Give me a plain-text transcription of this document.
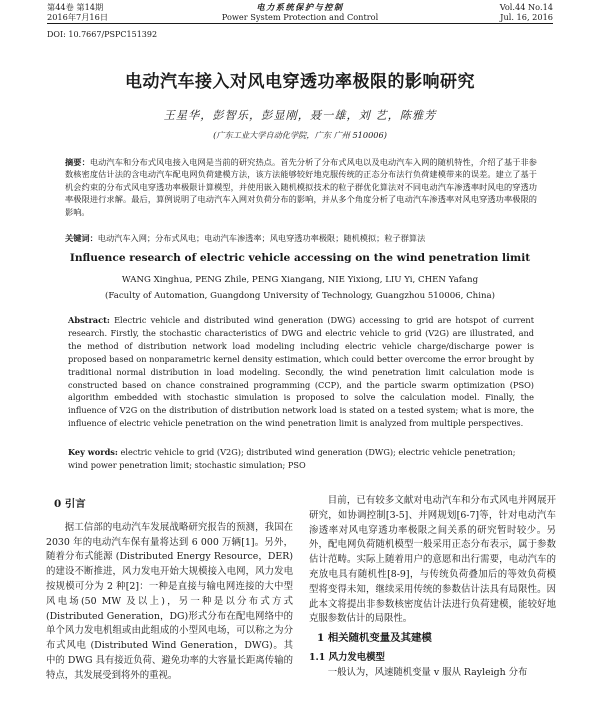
第44卷 第14期
2016年7月16日
电力系统保护与控制
Power System Protection and Control
Vol.44 No.14
Jul. 16, 2016
DOI: 10.7667/PSPC151392
电动汽车接入对风电穿透功率极限的影响研究
王星华，彭智乐，彭显刚，聂一雄，刘 艺，陈雅芳
(广东工业大学自动化学院，广东 广州 510006)
摘要：电动汽车和分布式风电接入电网是当前的研究热点。首先分析了分布式风电以及电动汽车入网的随机特性，介绍了基于非参数核密度估计法的含电动汽车配电网负荷建模方法，该方法能够较好地克服传统的正态分布法行负荷建模带来的误差。建立了基于机会约束的分布式风电穿透功率极限计算模型，并使用嵌入随机模拟技术的粒子群优化算法对不同电动汽车渗透率时风电的穿透功率极限进行求解。最后，算例说明了电动汽车入网对负荷分布的影响，并从多个角度分析了电动汽车渗透率对风电穿透功率极限的影响。
关键词：电动汽车入网；分布式风电；电动汽车渗透率；风电穿透功率极限；随机模拟；粒子群算法
Influence research of electric vehicle accessing on the wind penetration limit
WANG Xinghua, PENG Zhile, PENG Xiangang, NIE Yixiong, LIU Yi, CHEN Yafang
(Faculty of Automation, Guangdong University of Technology, Guangzhou 510006, China)
Abstract: Electric vehicle and distributed wind generation (DWG) accessing to grid are hotspot of current research. Firstly, the stochastic characteristics of DWG and electric vehicle to grid (V2G) are illustrated, and the method of distribution network load modeling including electric vehicle charge/discharge power is proposed based on nonparametric kernel density estimation, which could better overcome the error brought by traditional normal distribution in load modeling. Secondly, the wind penetration limit calculation mode is constructed based on chance constrained programming (CCP), and the particle swarm optimization (PSO) algorithm embedded with stochastic simulation is proposed to solve the calculation model. Finally, the influence of V2G on the distribution of distribution network load is stated on a tested system; what is more, the influence of electric vehicle penetration on the wind penetration limit is analyzed from multiple perspectives.
Key words: electric vehicle to grid (V2G); distributed wind generation (DWG); electric vehicle penetration; wind power penetration limit; stochastic simulation; PSO
0 引言

据工信部的电动汽车发展战略研究报告的预测，我国在 2030 年的电动汽车保有量将达到 6 000 万辆[1]。另外，随着分布式能源 (Distributed Energy Resource，DER)的建设不断推进，风力发电开始大规模接入电网，风力发电按规模可分为 2 种[2]：一种是直接与输电网连接的大中型风电场(50 MW 及以上)，另一种是以分布式方式(Distributed Generation，DG)形式分布在配电网络中的单个风力发电机组或由此组成的小型风电场，可以称之为分布式风电 (Distributed Wind Generation，DWG)。其中的 DWG 具有接近负荷、避免功率的大容量长距离传输的特点，其发展受到将外的重视。

目前，已有较多文献对电动汽车和分布式风电并网展开研究，如协调控制[3-5]、并网规划[6-7]等，针对电动汽车渗透率对风电穿透功率极限之间关系的研究暂时较少。另外，配电网负荷随机模型一般采用正态分布表示，属于参数估计范畴。实际上随着用户的意愿和出行需要，电动汽车的充放电具有随机性[8-9]，与传统负荷叠加后的等效负荷模型将变得未知，继续采用传统的参数估计法具有局限性。因此本文将提出非参数核密度估计法进行负荷建模，能较好地克服参数估计的局限性。

1 相关随机变量及其建模
1.1 风力发电模型

一般认为，风速随机变量 v 服从 Rayleigh 分布
